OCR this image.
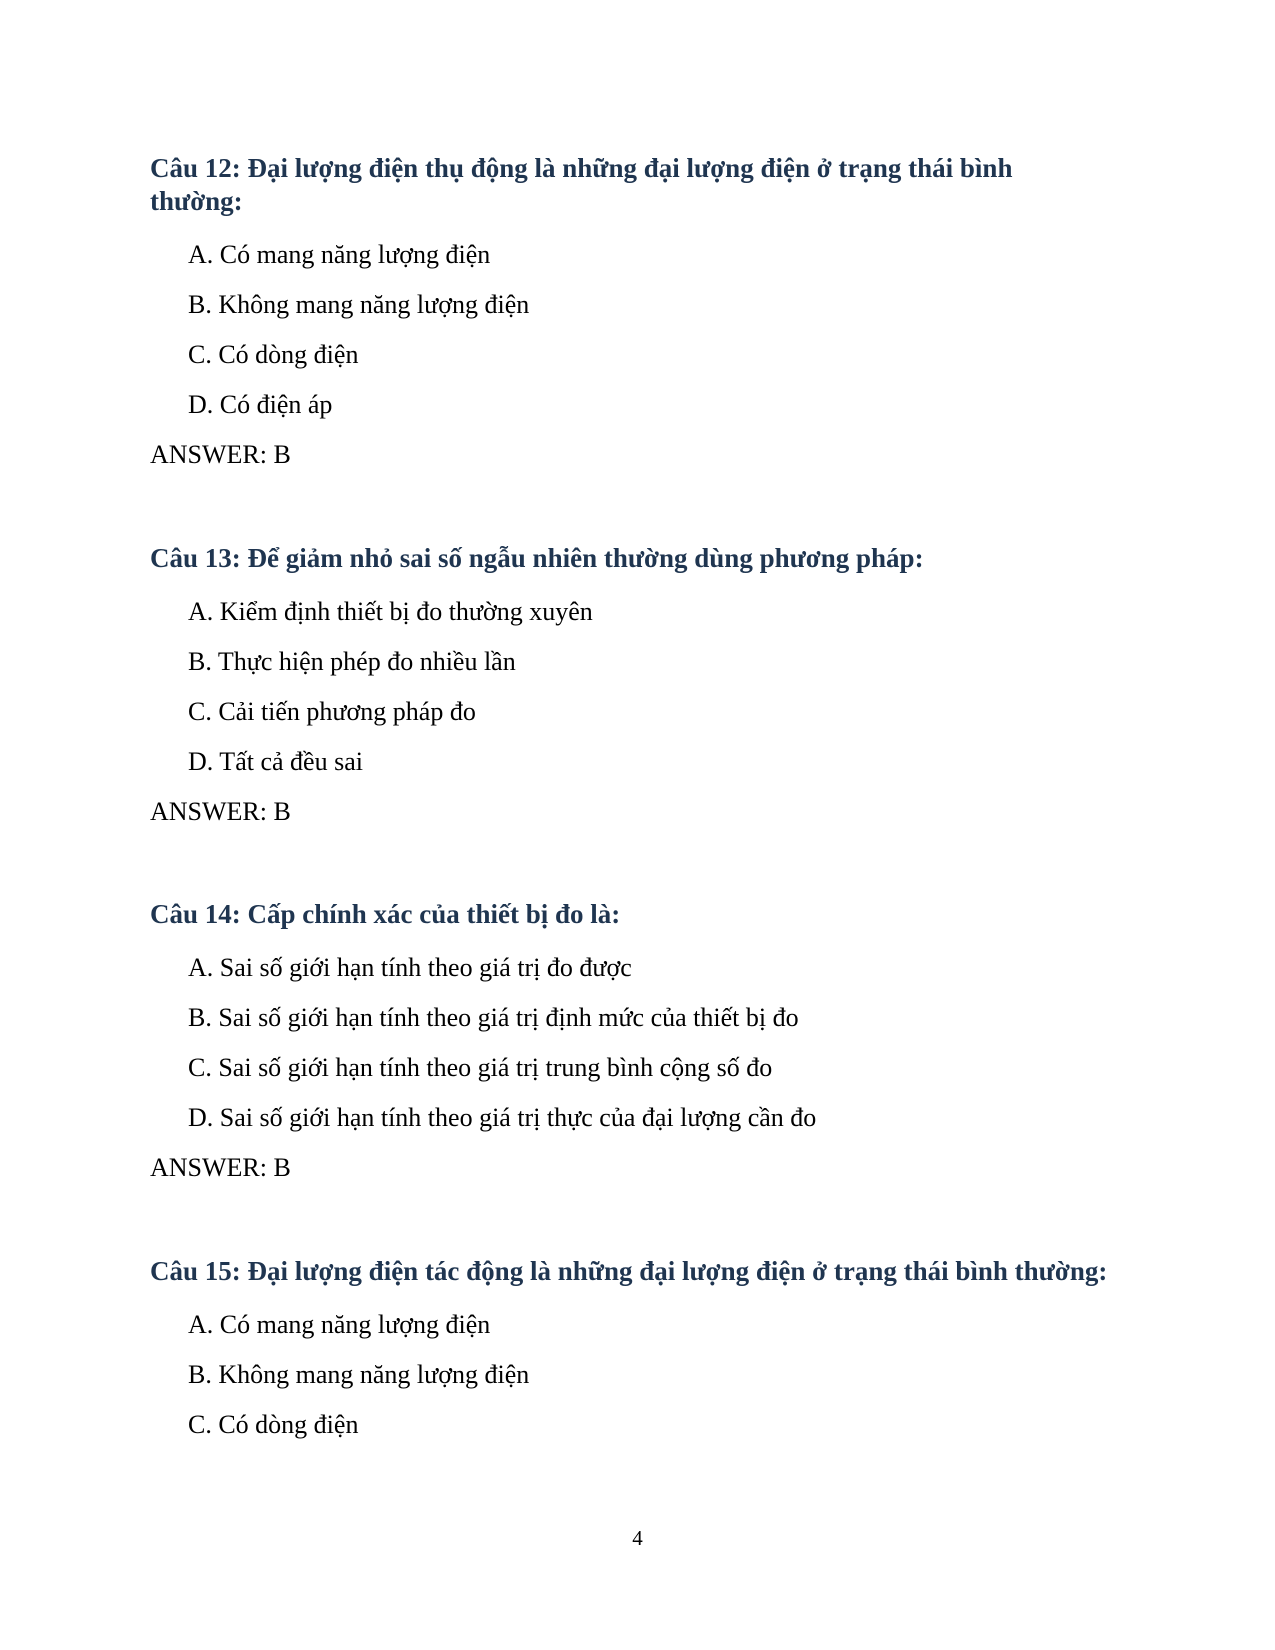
Câu 12: Đại lượng điện thụ động là những đại lượng điện ở trạng thái bình thường:

A. Có mang năng lượng điện

B. Không mang năng lượng điện

C. Có dòng điện

D. Có điện áp

ANSWER: B

Câu 13: Để giảm nhỏ sai số ngẫu nhiên thường dùng phương pháp:

A. Kiểm định thiết bị đo thường xuyên

B. Thực hiện phép đo nhiều lần

C. Cải tiến phương pháp đo

D. Tất cả đều sai

ANSWER: B

Câu 14: Cấp chính xác của thiết bị đo là:

A. Sai số giới hạn tính theo giá trị đo được

B. Sai số giới hạn tính theo giá trị định mức của thiết bị đo

C. Sai số giới hạn tính theo giá trị trung bình cộng số đo

D. Sai số giới hạn tính theo giá trị thực của đại lượng cần đo

ANSWER: B

Câu 15: Đại lượng điện tác động là những đại lượng điện ở trạng thái bình thường:

A. Có mang năng lượng điện

B. Không mang năng lượng điện

C. Có dòng điện

4
